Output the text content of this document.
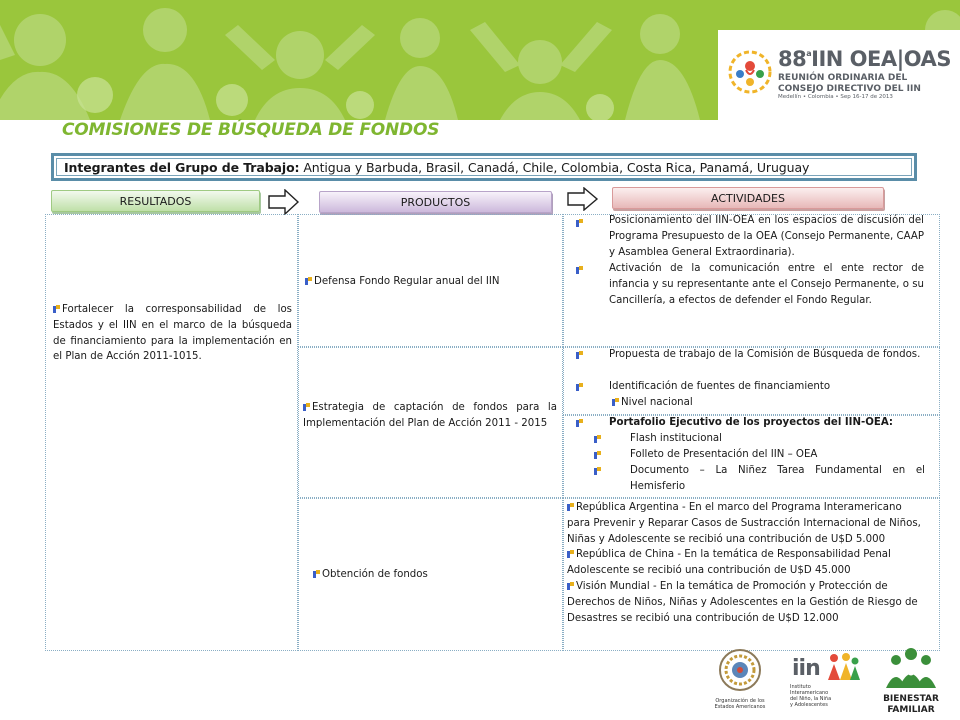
88$^a$IIN OEA|OAS
REUNIÓN ORDINARIA DEL
CONSEJO DIRECTIVO DEL IIN
Medellín • Colombia • Sep 16-17 de 2013
COMISIONES DE BÚSQUEDA DE FONDOS
Integrantes del Grupo de Trabajo: Antigua y Barbuda, Brasil, Canadá, Chile, Colombia, Costa Rica, Panamá, Uruguay
RESULTADOS	PRODUCTOS	ACTIVIDADES
Fortalecer la corresponsabilidad de los Estados y el IIN en el marco de la búsqueda de financiamiento para la implementación en el Plan de Acción 2011-1015.
Defensa Fondo Regular anual del IIN
Estrategia de captación de fondos para la Implementación del Plan de Acción 2011 - 2015
Obtención de fondos
Posicionamiento del IIN-OEA en los espacios de discusión del Programa Presupuesto de la OEA (Consejo Permanente, CAAP y Asamblea General Extraordinaria).
Activación de la comunicación entre el ente rector de infancia y su representante ante el Consejo Permanente, o su Cancillería, a efectos de defender el Fondo Regular.
Propuesta de trabajo de la Comisión de Búsqueda de fondos.
Identificación de fuentes de financiamiento
Nivel nacional
Portafolio Ejecutivo de los proyectos del IIN-OEA:
Flash institucional
Folleto de Presentación del IIN – OEA
Documento – La Niñez Tarea Fundamental en el Hemisferio
República Argentina - En el marco del Programa Interamericano para Prevenir y Reparar Casos de Sustracción Internacional de Niños, Niñas y Adolescente se recibió una contribución de U$D 5.000
República de China - En la temática de Responsabilidad Penal Adolescente se recibió una contribución de U$D 45.000
Visión Mundial - En la temática de Promoción y Protección de Derechos de Niños, Niñas y Adolescentes en la Gestión de Riesgo de Desastres se recibió una contribución de U$D 12.000
Organización de los
Estados Americanos
iin
Instituto
Interamericano
del Niño, la Niña
y Adolescentes
BIENESTAR
FAMILIAR
